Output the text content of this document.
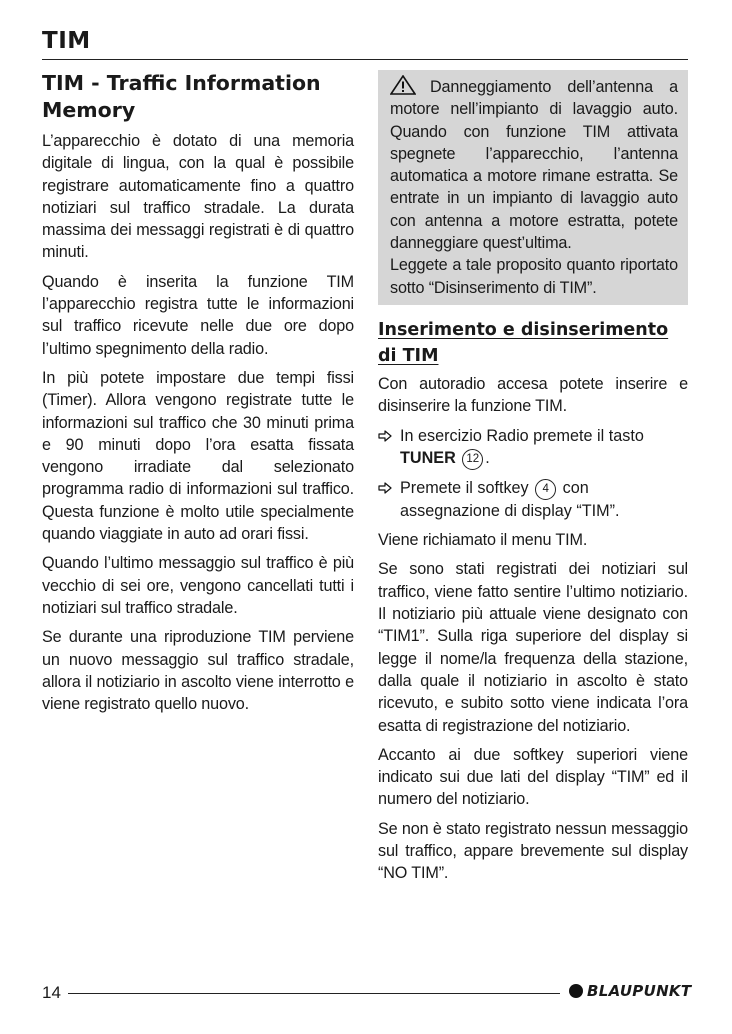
TIM
TIM - Traffic Information Memory

L’apparecchio è dotato di una memoria digitale di lingua, con la qual è possibile registrare automaticamente fino a quattro notiziari sul traffico stradale. La durata massima dei messaggi registrati è di quattro minuti.

Quando è inserita la funzione TIM l’apparecchio registra tutte le informazioni sul traffico ricevute nelle due ore dopo l’ultimo spegnimento della radio.

In più potete impostare due tempi fissi (Timer). Allora vengono registrate tutte le informazioni sul traffico che 30 minuti prima e 90 minuti dopo l’ora esatta fissata vengono irradiate dal selezionato programma radio di informazioni sul traffico. Questa funzione è molto utile specialmente quando viaggiate in auto ad orari fissi.

Quando l’ultimo messaggio sul traffico è più vecchio di sei ore, vengono cancellati tutti i notiziari sul traffico stradale.

Se durante una riproduzione TIM perviene un nuovo messaggio sul traffico stradale, allora il notiziario in ascolto viene interrotto e viene registrato quello nuovo.

Danneggiamento dell’antenna a motore nell’impianto di lavaggio auto. Quando con funzione TIM attivata spegnete l’apparecchio, l’antenna automatica a motore rimane estratta. Se entrate in un impianto di lavaggio auto con antenna a motore estratta, potete danneggiare quest’ultima.

Leggete a tale proposito quanto riportato sotto “Disinserimento di TIM”.

Inserimento e disinserimento di TIM

Con autoradio accesa potete inserire e disinserire la funzione TIM.

In esercizio Radio premete il tasto TUNER 12 .
Premete il softkey 4 con assegnazione di display “TIM”.

Viene richiamato il menu TIM.

Se sono stati registrati dei notiziari sul traffico, viene fatto sentire l’ultimo notiziario. Il notiziario più attuale viene designato con “TIM1”. Sulla riga superiore del display si legge il nome/la frequenza della stazione, dalla quale il notiziario in ascolto è stato ricevuto, e subito sotto viene indicata l’ora esatta di registrazione del notiziario.

Accanto ai due softkey superiori viene indicato sui due lati del display “TIM” ed il numero del notiziario.

Se non è stato registrato nessun messaggio sul traffico, appare brevemente sul display “NO TIM”.

14	BLAUPUNKT
